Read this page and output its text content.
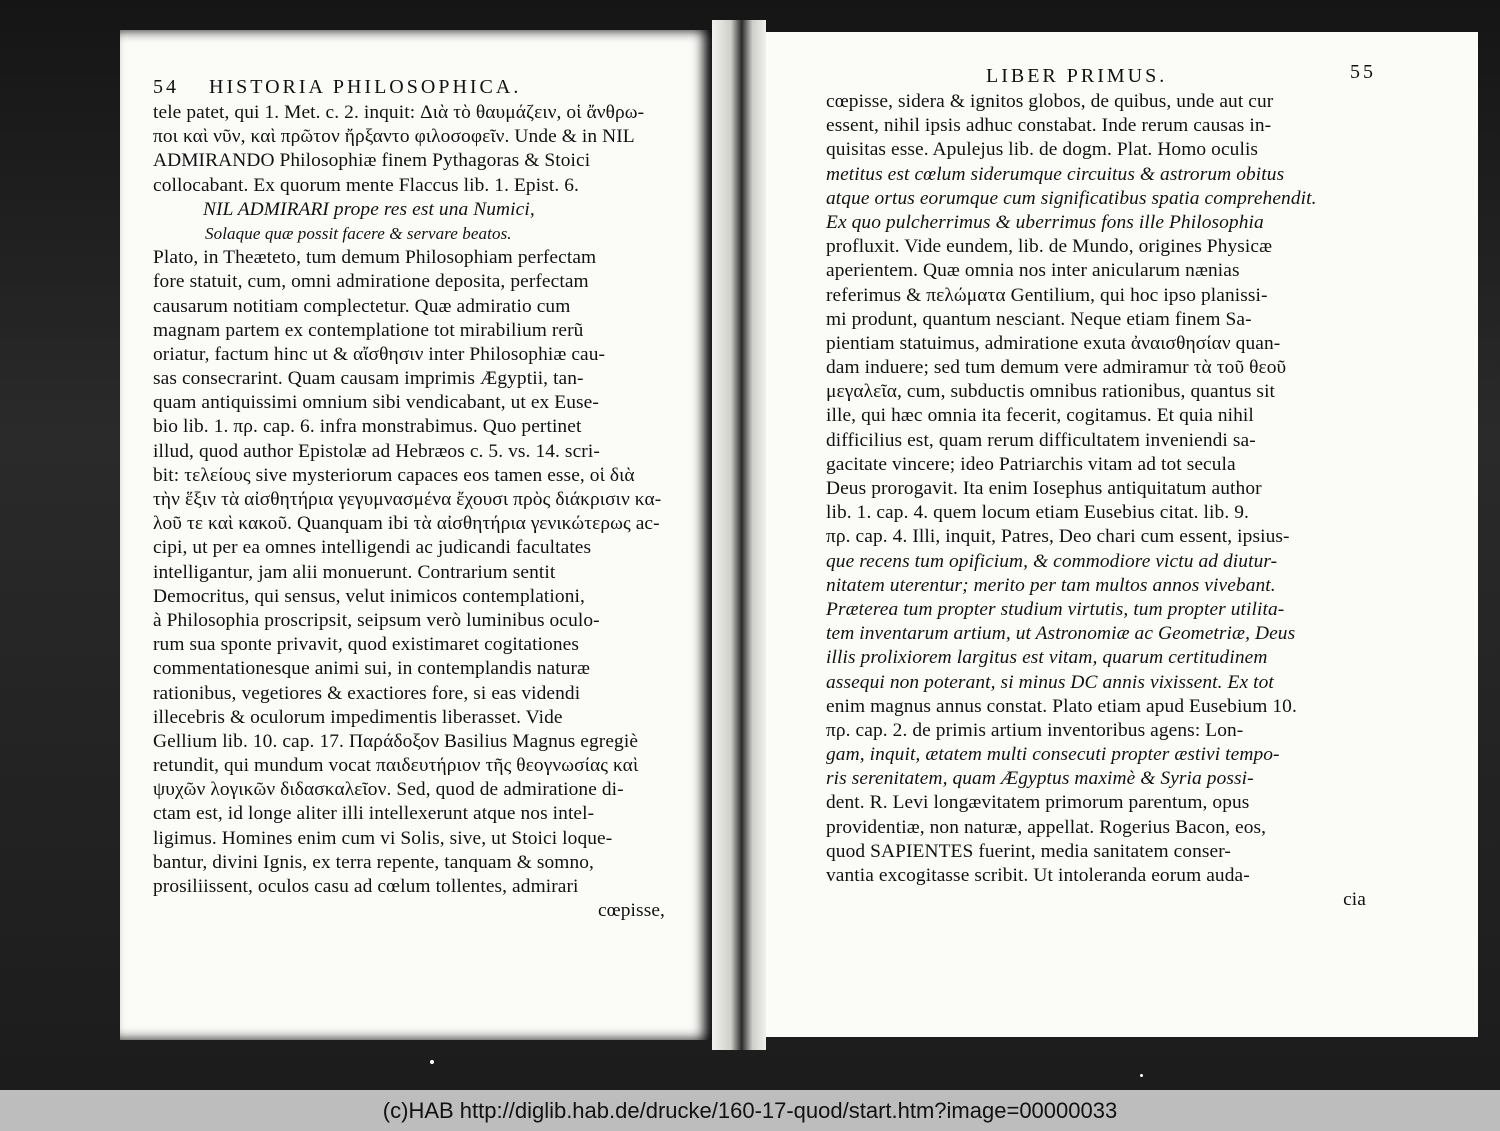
54 HISTORIA PHILOSOPHICA.
tele patet, qui 1. Met. c. 2. inquit: Διὰ τὸ θαυμάζειν, οἱ ἄνθρω-
ποι καὶ νῦν, καὶ πρῶτον ἤρξαντο φιλοσοφεῖν. Unde & in NIL
ADMIRANDO Philosophiæ finem Pythagoras & Stoici
collocabant. Ex quorum mente Flaccus lib. 1. Epist. 6.
NIL ADMIRARI prope res est una Numici,
Solaque quæ possit facere & servare beatos.
Plato, in Theæteto, tum demum Philosophiam perfectam
fore statuit, cum, omni admiratione deposita, perfectam
causarum notitiam complectetur. Quæ admiratio cum
magnam partem ex contemplatione tot mirabilium rerũ
oriatur, factum hinc ut & αἴσθησιν inter Philosophiæ cau-
sas consecrarint. Quam causam imprimis Ægyptii, tan-
quam antiquissimi omnium sibi vendicabant, ut ex Euse-
bio lib. 1. πρ. cap. 6. infra monstrabimus. Quo pertinet
illud, quod author Epistolæ ad Hebræos c. 5. vs. 14. scri-
bit: τελείους sive mysteriorum capaces eos tamen esse, οἱ διὰ
τὴν ἕξιν τὰ αἰσθητήρια γεγυμνασμένα ἔχουσι πρὸς διάκρισιν κα-
λοῦ τε καὶ κακοῦ. Quanquam ibi τὰ αἰσθητήρια γενικώτερως ac-
cipi, ut per ea omnes intelligendi ac judicandi facultates
intelligantur, jam alii monuerunt. Contrarium sentit
Democritus, qui sensus, velut inimicos contemplationi,
à Philosophia proscripsit, seipsum verò luminibus oculo-
rum sua sponte privavit, quod existimaret cogitationes
commentationesque animi sui, in contemplandis naturæ
rationibus, vegetiores & exactiores fore, si eas videndi
illecebris & oculorum impedimentis liberasset. Vide
Gellium lib. 10. cap. 17. Παράδοξον Basilius Magnus egregiè
retundit, qui mundum vocat παιδευτήριον τῆς θεογνωσίας καὶ
ψυχῶν λογικῶν διδασκαλεῖον. Sed, quod de admiratione di-
ctam est, id longe aliter illi intellexerunt atque nos intel-
ligimus. Homines enim cum vi Solis, sive, ut Stoici loque-
bantur, divini Ignis, ex terra repente, tanquam & somno,
prosiliissent, oculos casu ad cœlum tollentes, admirari
cœpisse,
LIBER PRIMUS.	55
cœpisse, sidera & ignitos globos, de quibus, unde aut cur
essent, nihil ipsis adhuc constabat. Inde rerum causas in-
quisitas esse. Apulejus lib. de dogm. Plat. Homo oculis
metitus est cœlum siderumque circuitus & astrorum obitus
atque ortus eorumque cum significatibus spatia comprehendit.
Ex quo pulcherrimus & uberrimus fons ille Philosophia
profluxit. Vide eundem, lib. de Mundo, origines Physicæ
aperientem. Quæ omnia nos inter anicularum nænias
referimus & πελώματα Gentilium, qui hoc ipso planissi-
mi produnt, quantum nesciant. Neque etiam finem Sa-
pientiam statuimus, admiratione exuta ἀναισθησίαν quan-
dam induere; sed tum demum vere admiramur τὰ τοῦ θεοῦ
μεγαλεῖα, cum, subductis omnibus rationibus, quantus sit
ille, qui hæc omnia ita fecerit, cogitamus. Et quia nihil
difficilius est, quam rerum difficultatem inveniendi sa-
gacitate vincere; ideo Patriarchis vitam ad tot secula
Deus prorogavit. Ita enim Iosephus antiquitatum author
lib. 1. cap. 4. quem locum etiam Eusebius citat. lib. 9.
πρ. cap. 4. Illi, inquit, Patres, Deo chari cum essent, ipsius-
que recens tum opificium, & commodiore victu ad diutur-
nitatem uterentur; merito per tam multos annos vivebant.
Præterea tum propter studium virtutis, tum propter utilita-
tem inventarum artium, ut Astronomiæ ac Geometriæ, Deus
illis prolixiorem largitus est vitam, quarum certitudinem
assequi non poterant, si minus DC annis vixissent. Ex tot
enim magnus annus constat. Plato etiam apud Eusebium 10.
πρ. cap. 2. de primis artium inventoribus agens: Lon-
gam, inquit, ætatem multi consecuti propter æstivi tempo-
ris serenitatem, quam Ægyptus maximè & Syria possi-
dent. R. Levi longævitatem primorum parentum, opus
providentiæ, non naturæ, appellat. Rogerius Bacon, eos,
quod SAPIENTES fuerint, media sanitatem conser-
vantia excogitasse scribit. Ut intoleranda eorum auda-
cia
(c)HAB http://diglib.hab.de/drucke/160-17-quod/start.htm?image=00000033
